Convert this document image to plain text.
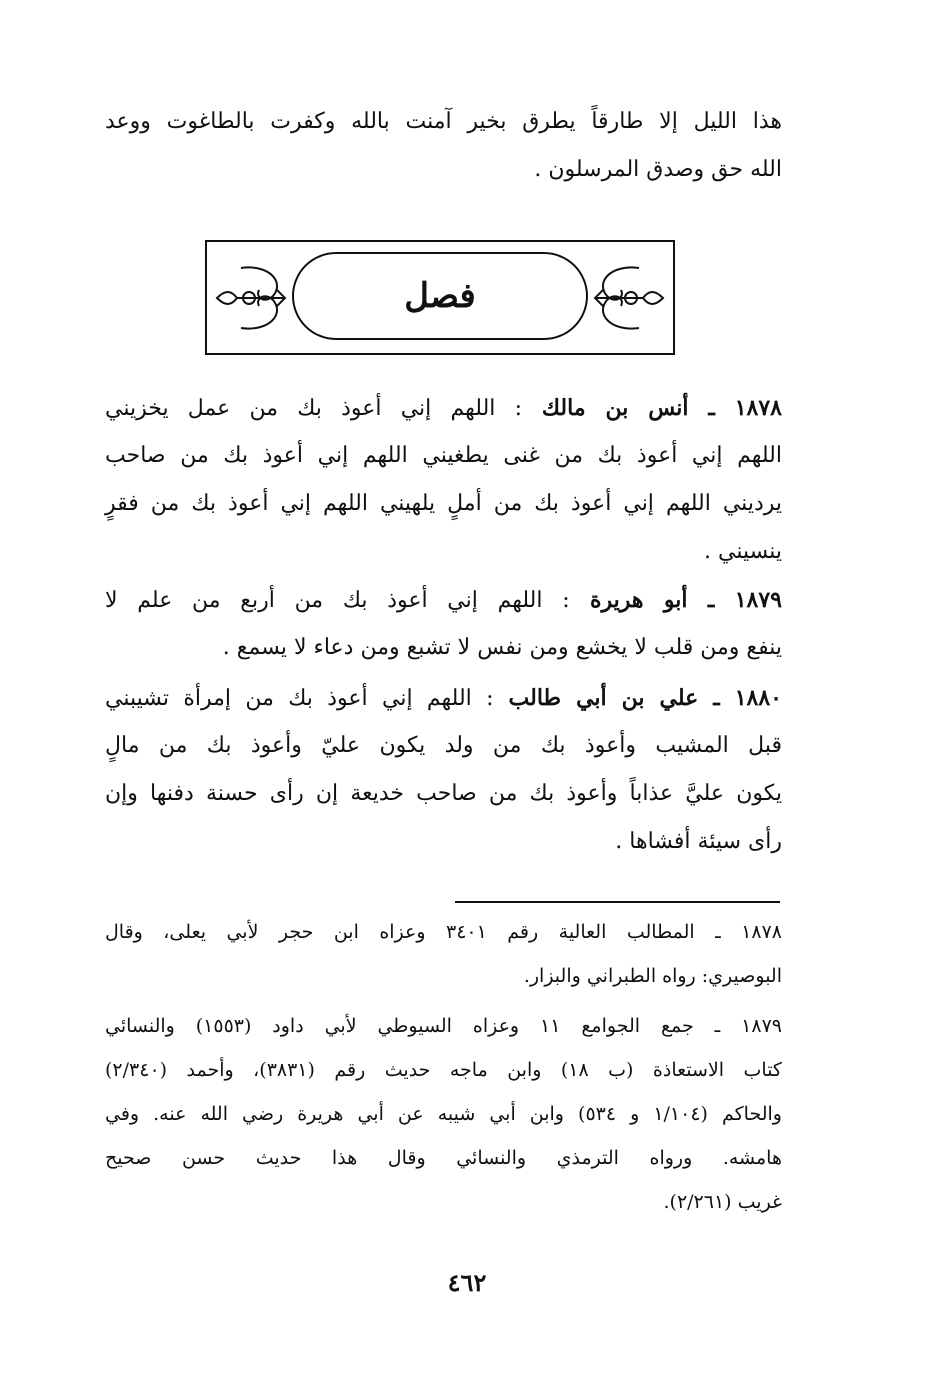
هذا الليل إلا طارقاً يطرق بخير آمنت بالله وكفرت بالطاغوت ووعد
الله حق وصدق المرسلون .
فصل
١٨٧٨ ـ أنس بن مالك : اللهم إني أعوذ بك من عمل يخزيني
اللهم إني أعوذ بك من غنى يطغيني اللهم إني أعوذ بك من صاحب
يرديني اللهم إني أعوذ بك من أملٍ يلهيني اللهم إني أعوذ بك من فقرٍ
ينسيني .
١٨٧٩ ـ أبو هريرة : اللهم إني أعوذ بك من أربع من علم لا
ينفع ومن قلب لا يخشع ومن نفس لا تشبع ومن دعاء لا يسمع .
١٨٨٠ ـ علي بن أبي طالب : اللهم إني أعوذ بك من إمرأة تشيبني
قبل المشيب وأعوذ بك من ولد يكون عليّ وأعوذ بك من مالٍ
يكون عليَّ عذاباً وأعوذ بك من صاحب خديعة إن رأى حسنة دفنها وإن
رأى سيئة أفشاها .
١٨٧٨ ـ المطالب العالية رقم ٣٤٠١ وعزاه ابن حجر لأبي يعلى، وقال
البوصيري: رواه الطبراني والبزار.
١٨٧٩ ـ جمع الجوامع ١١ وعزاه السيوطي لأبي داود (١٥٥٣) والنسائي
كتاب الاستعاذة (ب ١٨) وابن ماجه حديث رقم (٣٨٣١)، وأحمد (٢/٣٤٠)
والحاكم (١/١٠٤ و ٥٣٤) وابن أبي شيبه عن أبي هريرة رضي الله عنه. وفي
هامشه. ورواه الترمذي والنسائي وقال هذا حديث حسن صحيح
غريب (٢/٢٦١).
٤٦٢
